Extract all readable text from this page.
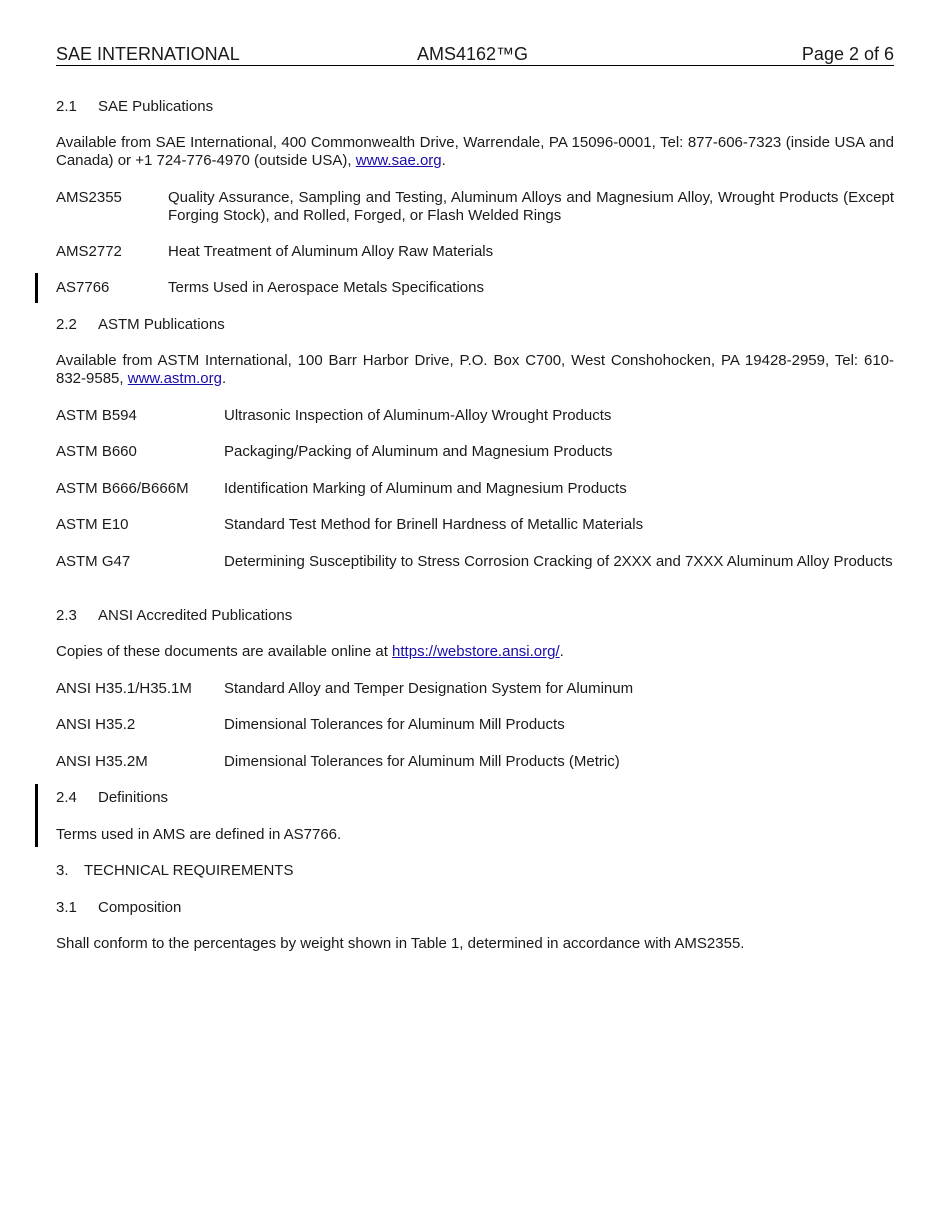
SAE INTERNATIONAL	AMS4162™G	Page 2 of 6
2.1 SAE Publications
Available from SAE International, 400 Commonwealth Drive, Warrendale, PA 15096-0001, Tel: 877-606-7323 (inside USA and Canada) or +1 724-776-4970 (outside USA), www.sae.org.
AMS2355	Quality Assurance, Sampling and Testing, Aluminum Alloys and Magnesium Alloy, Wrought Products (Except Forging Stock), and Rolled, Forged, or Flash Welded Rings
AMS2772	Heat Treatment of Aluminum Alloy Raw Materials
AS7766	Terms Used in Aerospace Metals Specifications
2.2 ASTM Publications
Available from ASTM International, 100 Barr Harbor Drive, P.O. Box C700, West Conshohocken, PA 19428-2959, Tel: 610-832-9585, www.astm.org.
ASTM B594	Ultrasonic Inspection of Aluminum-Alloy Wrought Products
ASTM B660	Packaging/Packing of Aluminum and Magnesium Products
ASTM B666/B666M Identification Marking of Aluminum and Magnesium Products
ASTM E10	Standard Test Method for Brinell Hardness of Metallic Materials
ASTM G47	Determining Susceptibility to Stress Corrosion Cracking of 2XXX and 7XXX Aluminum Alloy Products
2.3 ANSI Accredited Publications
Copies of these documents are available online at https://webstore.ansi.org/.
ANSI H35.1/H35.1M Standard Alloy and Temper Designation System for Aluminum
ANSI H35.2	Dimensional Tolerances for Aluminum Mill Products
ANSI H35.2M	Dimensional Tolerances for Aluminum Mill Products (Metric)
2.4 Definitions
Terms used in AMS are defined in AS7766.
3. TECHNICAL REQUIREMENTS
3.1 Composition
Shall conform to the percentages by weight shown in Table 1, determined in accordance with AMS2355.
